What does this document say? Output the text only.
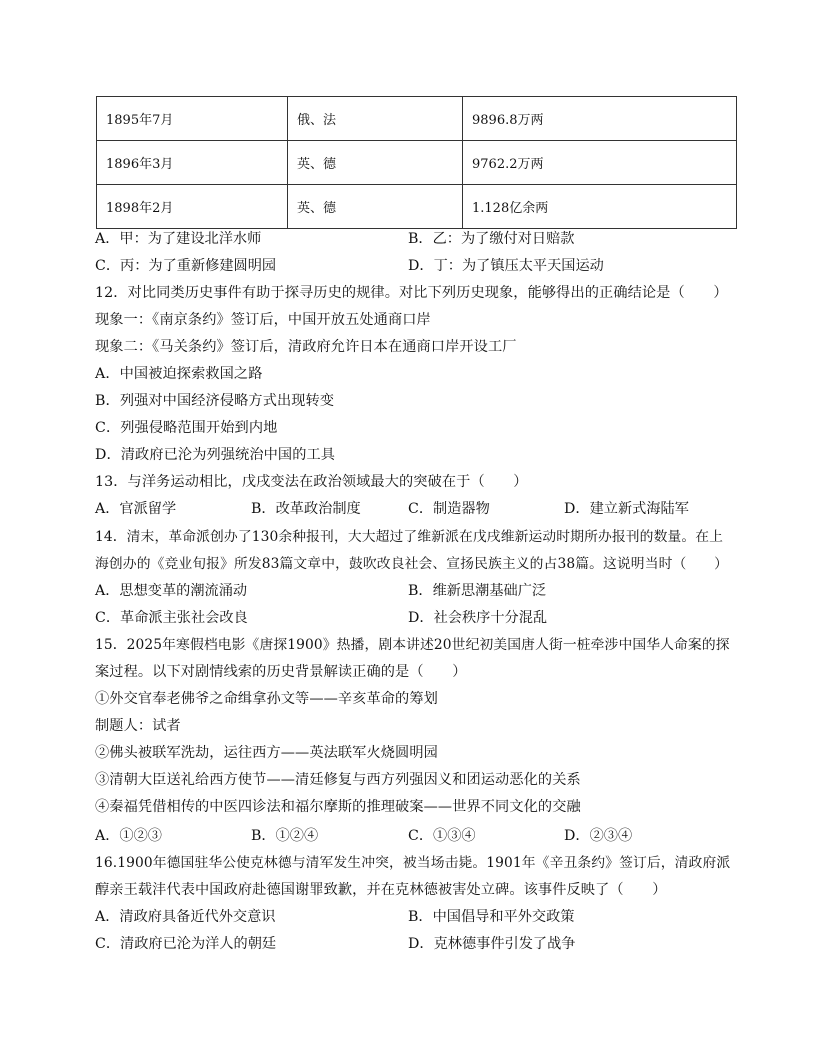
1895年7月	俄、法	9896.8万两
1896年3月	英、德	9762.2万两
1898年2月	英、德	1.128亿余两
A．甲：为了建设北洋水师	B．乙：为了缴付对日赔款
C．丙：为了重新修建圆明园	D．丁：为了镇压太平天国运动
12．对比同类历史事件有助于探寻历史的规律。对比下列历史现象，能够得出的正确结论是（　　）
现象一：《南京条约》签订后，中国开放五处通商口岸
现象二：《马关条约》签订后，清政府允许日本在通商口岸开设工厂
A．中国被迫探索救国之路
B．列强对中国经济侵略方式出现转变
C．列强侵略范围开始到内地
D．清政府已沦为列强统治中国的工具
13．与洋务运动相比，戊戌变法在政治领域最大的突破在于（　　）
A．官派留学	B．改革政治制度	C．制造器物	D．建立新式海陆军
14．清末，革命派创办了130余种报刊，大大超过了维新派在戊戌维新运动时期所办报刊的数量。在上
海创办的《竞业旬报》所发83篇文章中，鼓吹改良社会、宣扬民族主义的占38篇。这说明当时（　　）
A．思想变革的潮流涌动	B．维新思潮基础广泛
C．革命派主张社会改良	D．社会秩序十分混乱
15．2025年寒假档电影《唐探1900》热播，剧本讲述20世纪初美国唐人街一桩牵涉中国华人命案的探
案过程。以下对剧情线索的历史背景解读正确的是（　　）
①外交官奉老佛爷之命缉拿孙文等——辛亥革命的筹划
制题人：试者
②佛头被联军洗劫，运往西方——英法联军火烧圆明园
③清朝大臣送礼给西方使节——清廷修复与西方列强因义和团运动恶化的关系
④秦福凭借相传的中医四诊法和福尔摩斯的推理破案——世界不同文化的交融
A．①②③	B．①②④	C．①③④	D．②③④
16.1900年德国驻华公使克林德与清军发生冲突，被当场击毙。1901年《辛丑条约》签订后，清政府派
醇亲王载沣代表中国政府赴德国谢罪致歉，并在克林德被害处立碑。该事件反映了（　　）
A．清政府具备近代外交意识	B．中国倡导和平外交政策
C．清政府已沦为洋人的朝廷	D．克林德事件引发了战争
